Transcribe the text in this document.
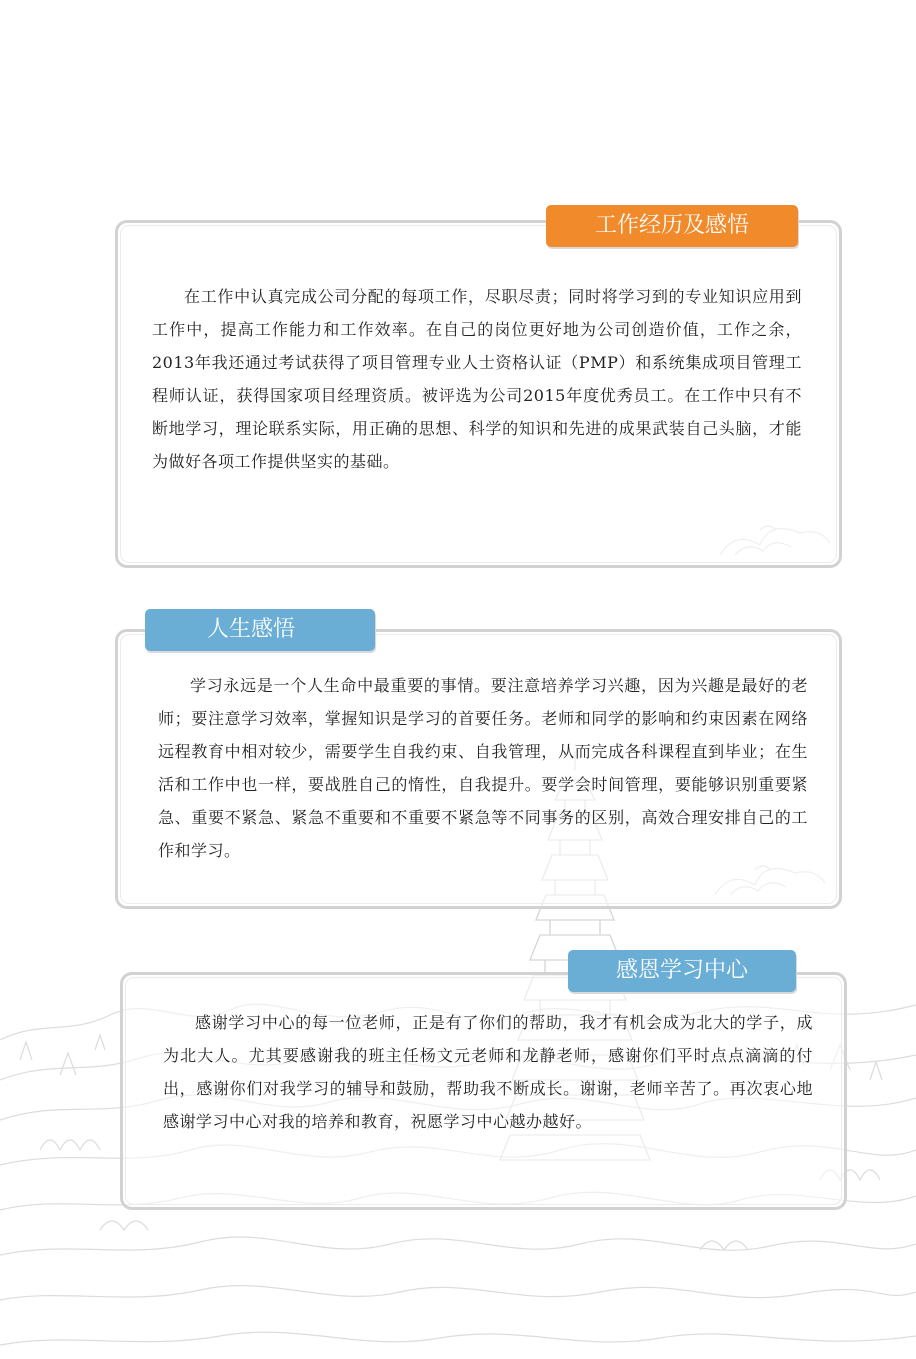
工作经历及感悟

在工作中认真完成公司分配的每项工作，尽职尽责；同时将学习到的专业知识应用到工作中，提高工作能力和工作效率。在自己的岗位更好地为公司创造价值，工作之余，2013年我还通过考试获得了项目管理专业人士资格认证（PMP）和系统集成项目管理工程师认证，获得国家项目经理资质。被评选为公司2015年度优秀员工。在工作中只有不断地学习，理论联系实际，用正确的思想、科学的知识和先进的成果武装自己头脑，才能为做好各项工作提供坚实的基础。

人生感悟

学习永远是一个人生命中最重要的事情。要注意培养学习兴趣，因为兴趣是最好的老师；要注意学习效率，掌握知识是学习的首要任务。老师和同学的影响和约束因素在网络远程教育中相对较少，需要学生自我约束、自我管理，从而完成各科课程直到毕业；在生活和工作中也一样，要战胜自己的惰性，自我提升。要学会时间管理，要能够识别重要紧急、重要不紧急、紧急不重要和不重要不紧急等不同事务的区别，高效合理安排自己的工作和学习。

感恩学习中心

感谢学习中心的每一位老师，正是有了你们的帮助，我才有机会成为北大的学子，成为北大人。尤其要感谢我的班主任杨文元老师和龙静老师，感谢你们平时点点滴滴的付出，感谢你们对我学习的辅导和鼓励，帮助我不断成长。谢谢，老师辛苦了。再次衷心地感谢学习中心对我的培养和教育，祝愿学习中心越办越好。
